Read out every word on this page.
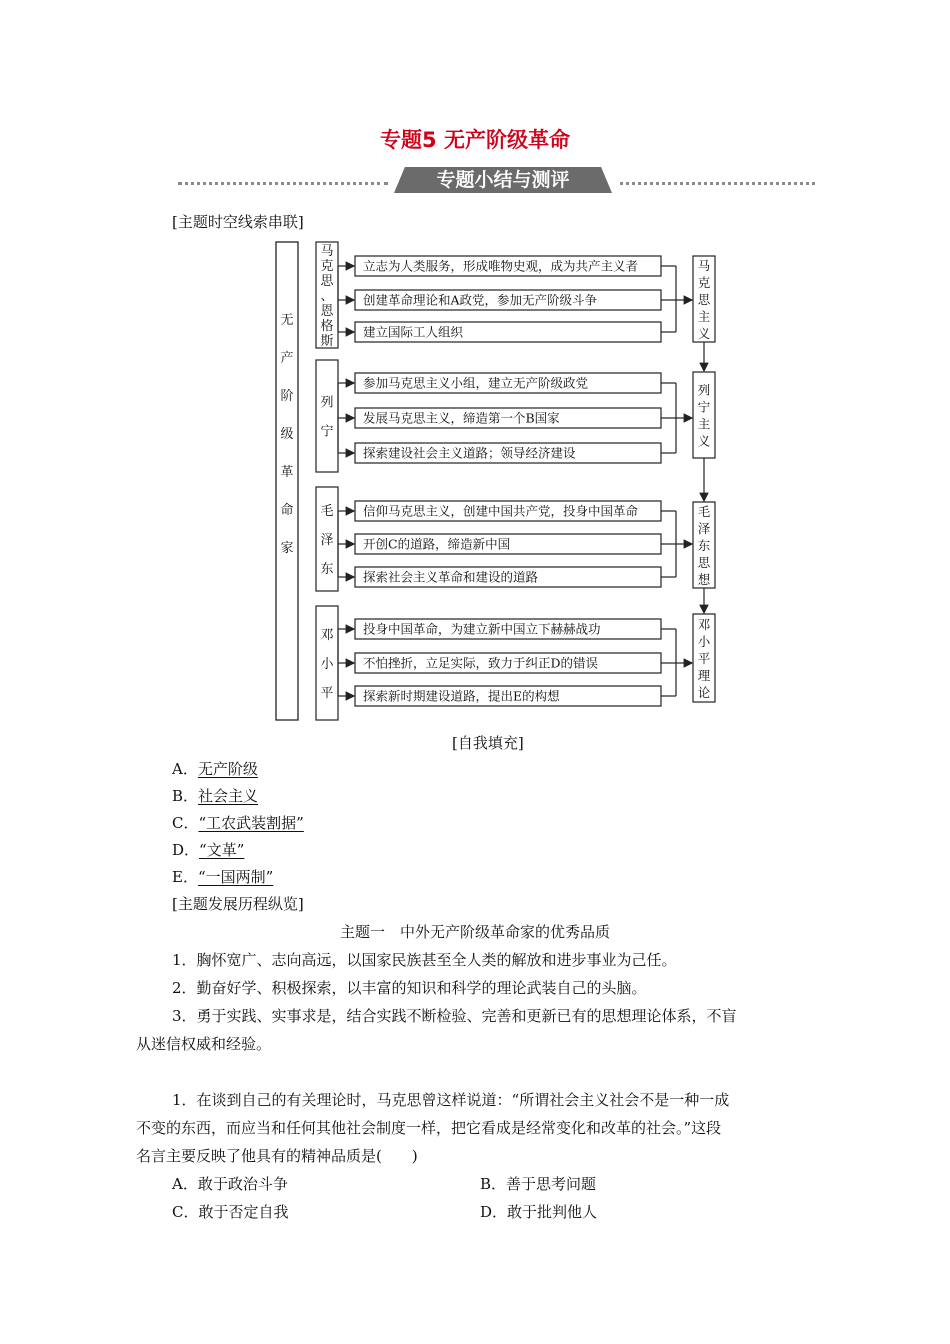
专题5 无产阶级革命
专题小结与测评
[主题时空线索串联]
无
产
阶
级
革
命
家
马
克
思
、
恩
格
斯
立志为人类服务，形成唯物史观，成为共产主义者
创建革命理论和A政党，参加无产阶级斗争
建立国际工人组织
列
宁
参加马克思主义小组，建立无产阶级政党
发展马克思主义，缔造第一个B国家
探索建设社会主义道路；领导经济建设
毛
泽
东
信仰马克思主义，创建中国共产党，投身中国革命
开创C的道路，缔造新中国
探索社会主义革命和建设的道路
邓
小
平
投身中国革命，为建立新中国立下赫赫战功
不怕挫折，立足实际，致力于纠正D的错误
探索新时期建设道路，提出E的构想
马
克
思
主
义
列
宁
主
义
毛
泽
东
思
想
邓
小
平
理
论
[自我填充]
A．无产阶级
B．社会主义
C．“工农武装割据”
D．“文革”
E．“一国两制”
[主题发展历程纵览]
主题一　中外无产阶级革命家的优秀品质
1．胸怀宽广、志向高远，以国家民族甚至全人类的解放和进步事业为己任。
2．勤奋好学、积极探索，以丰富的知识和科学的理论武装自己的头脑。
3．勇于实践、实事求是，结合实践不断检验、完善和更新已有的思想理论体系，不盲
从迷信权威和经验。
1．在谈到自己的有关理论时，马克思曾这样说道：“所谓社会主义社会不是一种一成
不变的东西，而应当和任何其他社会制度一样，把它看成是经常变化和改革的社会。”这段
名言主要反映了他具有的精神品质是(　　)
A．敢于政治斗争	B．善于思考问题
C．敢于否定自我	D．敢于批判他人
